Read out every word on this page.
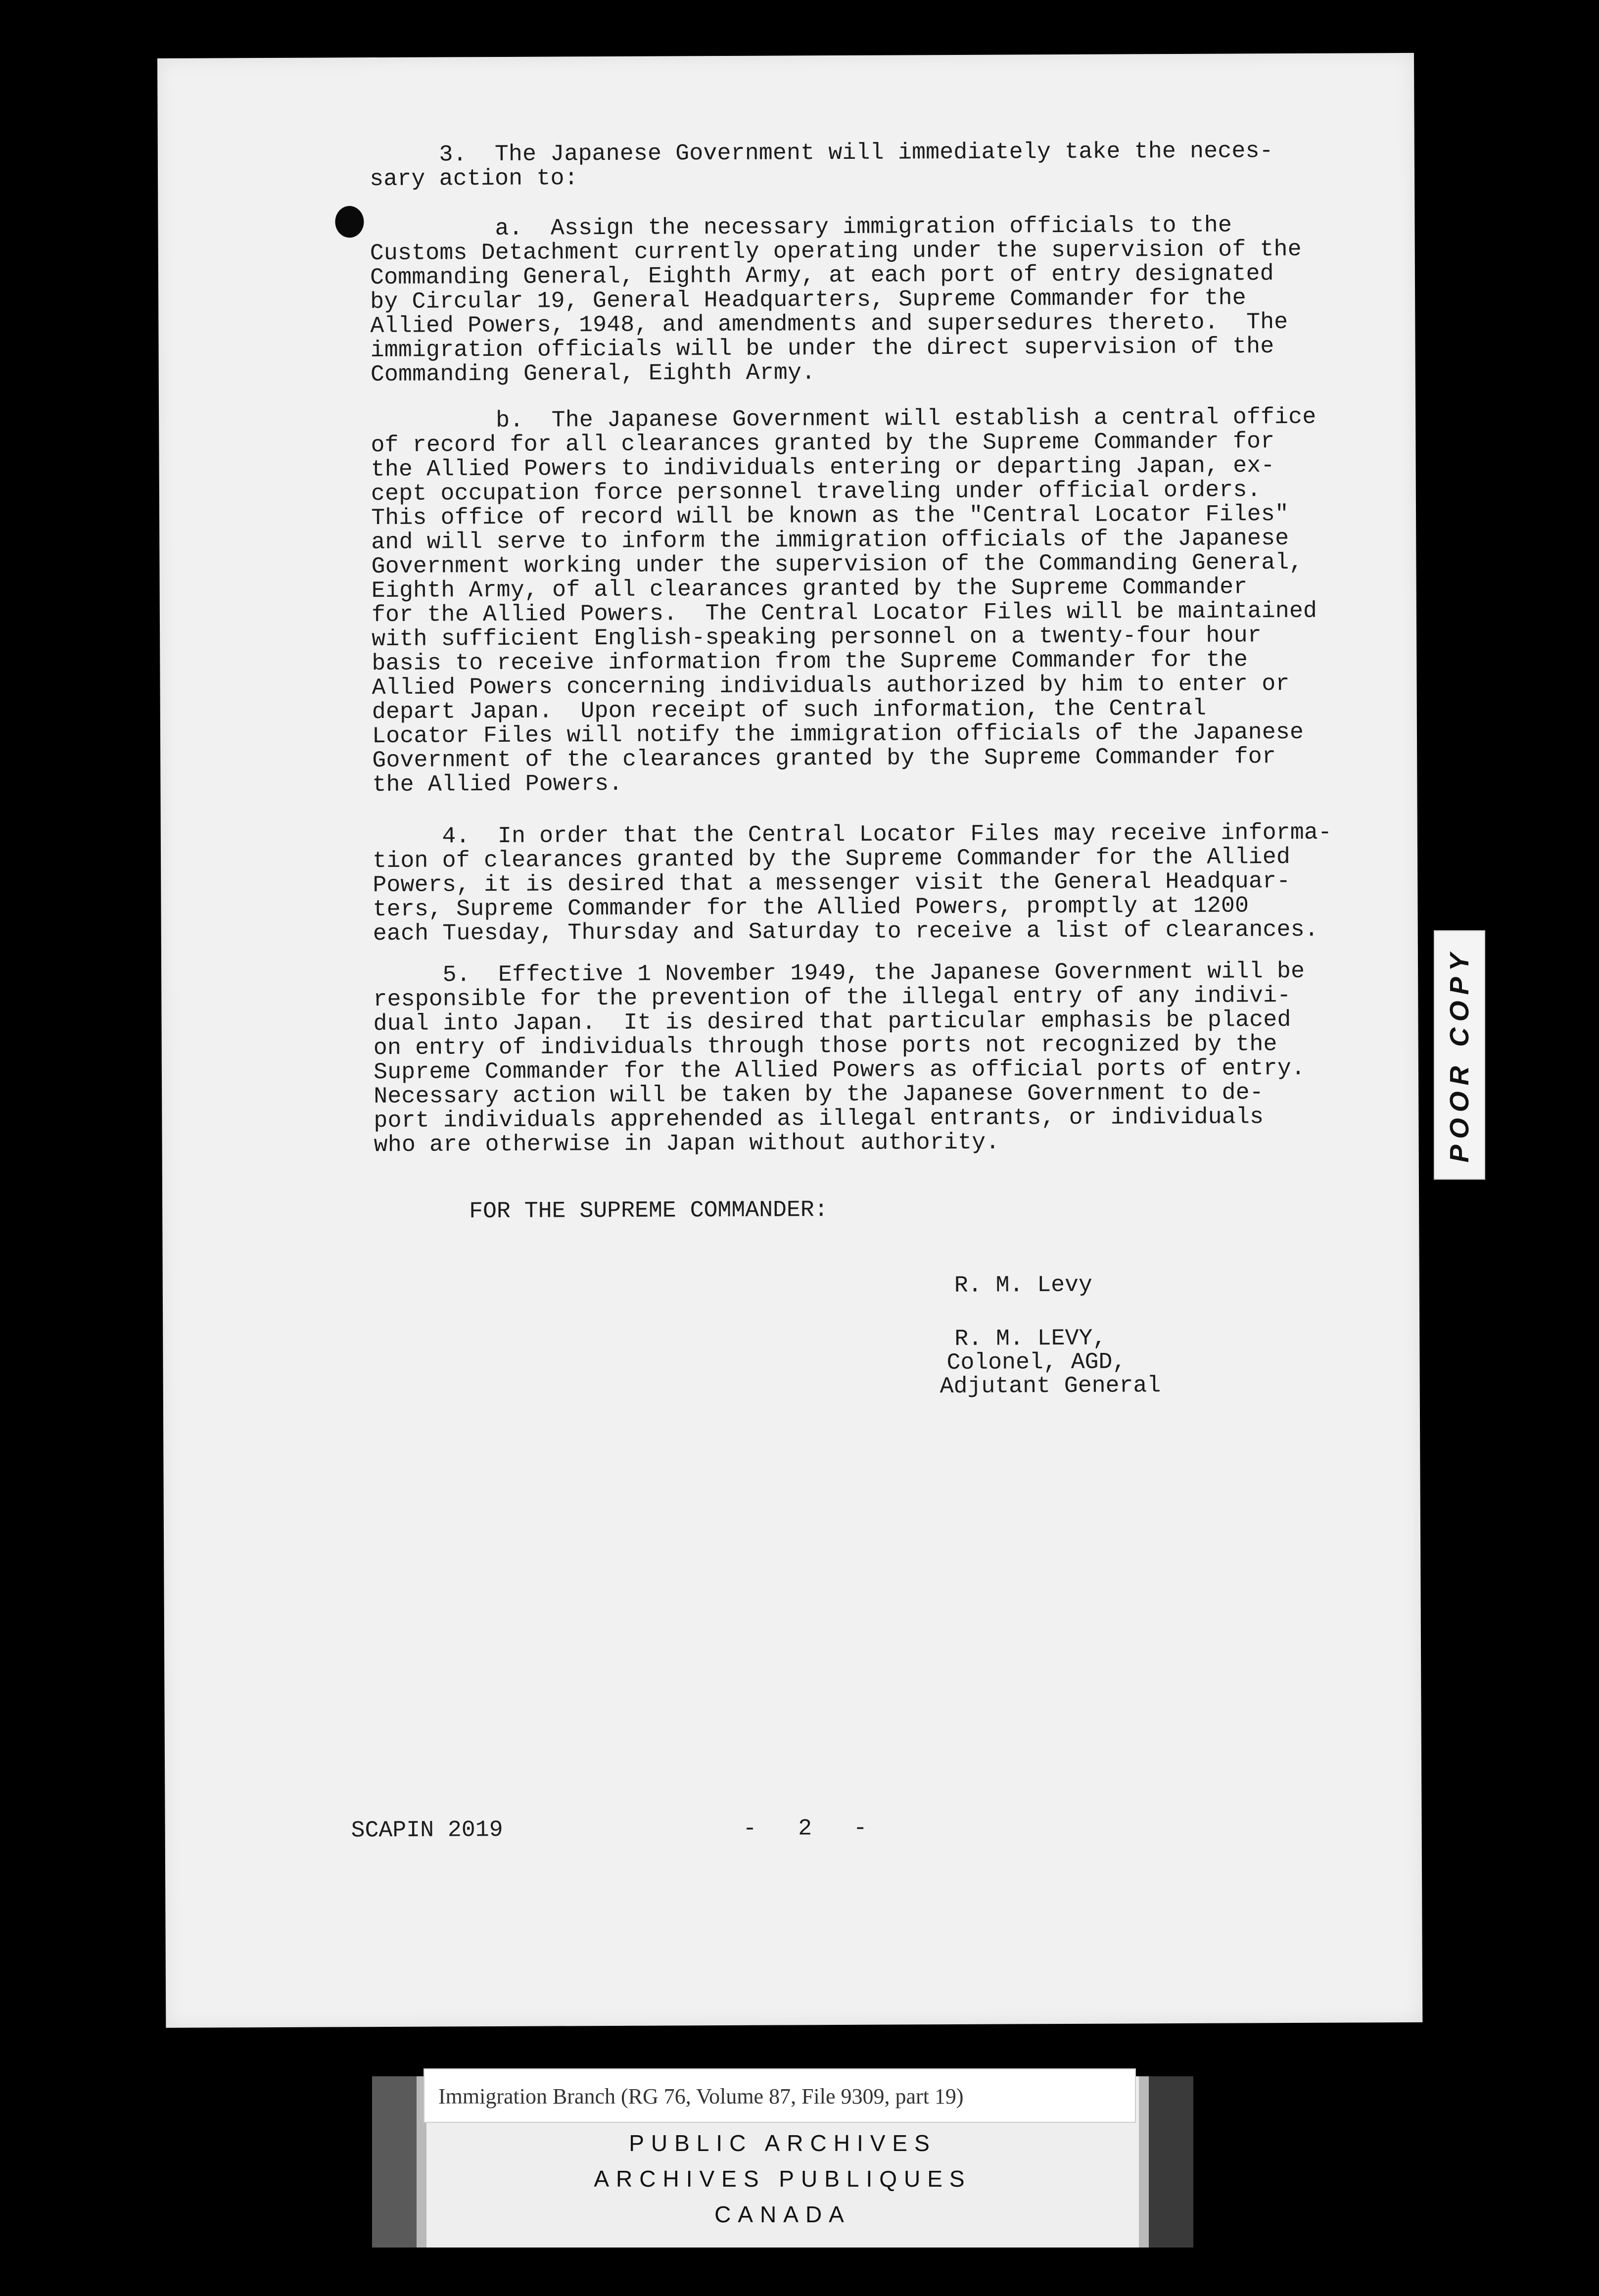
3.  The Japanese Government will immediately take the neces-
sary action to:
a.  Assign the necessary immigration officials to the
Customs Detachment currently operating under the supervision of the
Commanding General, Eighth Army, at each port of entry designated
by Circular 19, General Headquarters, Supreme Commander for the
Allied Powers, 1948, and amendments and supersedures thereto.  The
immigration officials will be under the direct supervision of the
Commanding General, Eighth Army.
b.  The Japanese Government will establish a central office
of record for all clearances granted by the Supreme Commander for
the Allied Powers to individuals entering or departing Japan, ex-
cept occupation force personnel traveling under official orders.
This office of record will be known as the "Central Locator Files"
and will serve to inform the immigration officials of the Japanese
Government working under the supervision of the Commanding General,
Eighth Army, of all clearances granted by the Supreme Commander
for the Allied Powers.  The Central Locator Files will be maintained
with sufficient English-speaking personnel on a twenty-four hour
basis to receive information from the Supreme Commander for the
Allied Powers concerning individuals authorized by him to enter or
depart Japan.  Upon receipt of such information, the Central
Locator Files will notify the immigration officials of the Japanese
Government of the clearances granted by the Supreme Commander for
the Allied Powers.
4.  In order that the Central Locator Files may receive informa-
tion of clearances granted by the Supreme Commander for the Allied
Powers, it is desired that a messenger visit the General Headquar-
ters, Supreme Commander for the Allied Powers, promptly at 1200
each Tuesday, Thursday and Saturday to receive a list of clearances.
5.  Effective 1 November 1949, the Japanese Government will be
responsible for the prevention of the illegal entry of any indivi-
dual into Japan.  It is desired that particular emphasis be placed
on entry of individuals through those ports not recognized by the
Supreme Commander for the Allied Powers as official ports of entry.
Necessary action will be taken by the Japanese Government to de-
port individuals apprehended as illegal entrants, or individuals
who are otherwise in Japan without authority.
FOR THE SUPREME COMMANDER:
R. M. Levy
R. M. LEVY,
Colonel, AGD,
Adjutant General
SCAPIN 2019	-   2   -
POOR COPY
PUBLIC ARCHIVES
ARCHIVES PUBLIQUES
CANADA
Immigration Branch (RG 76, Volume 87, File 9309, part 19)
